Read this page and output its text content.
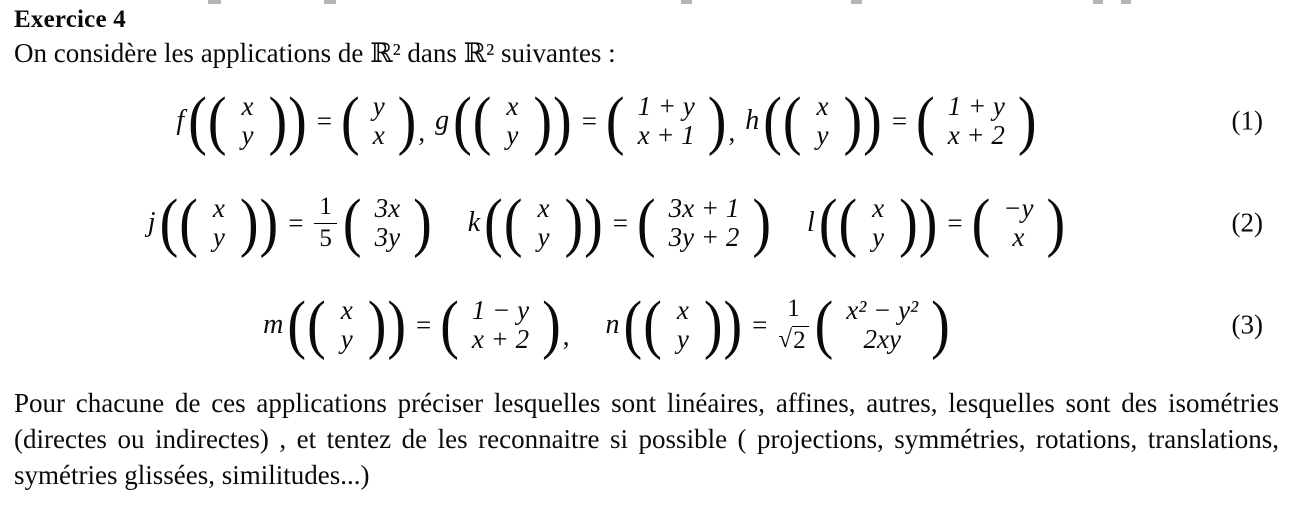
Exercice 4
On considère les applications de ℝ² dans ℝ² suivantes :
f ( ( x
y ) ) = ( y
x ) , g ( ( x
y ) ) = ( 1 + y
x + 1 ) , h ( ( x
y ) ) = ( 1 + y
x + 2 )	(1)
j ( ( x
y ) ) = $\frac{1}{5}$ ( 3x
3y ) k ( ( x
y ) ) = ( 3x + 1
3y + 2 ) l ( ( x
y ) ) = ( −y
x )	(2)
m ( ( x
y ) ) = ( 1 − y
x + 2 ) , n ( ( x
y ) ) =
1
√ 2 ( x² − y²
2xy )	(3)
Pour chacune de ces applications préciser lesquelles sont linéaires, affines, autres, lesquelles sont des isométries (directes ou indirectes) , et tentez de les reconnaitre si possible ( projections, symmétries, rotations, translations, symétries glissées, similitudes...)
